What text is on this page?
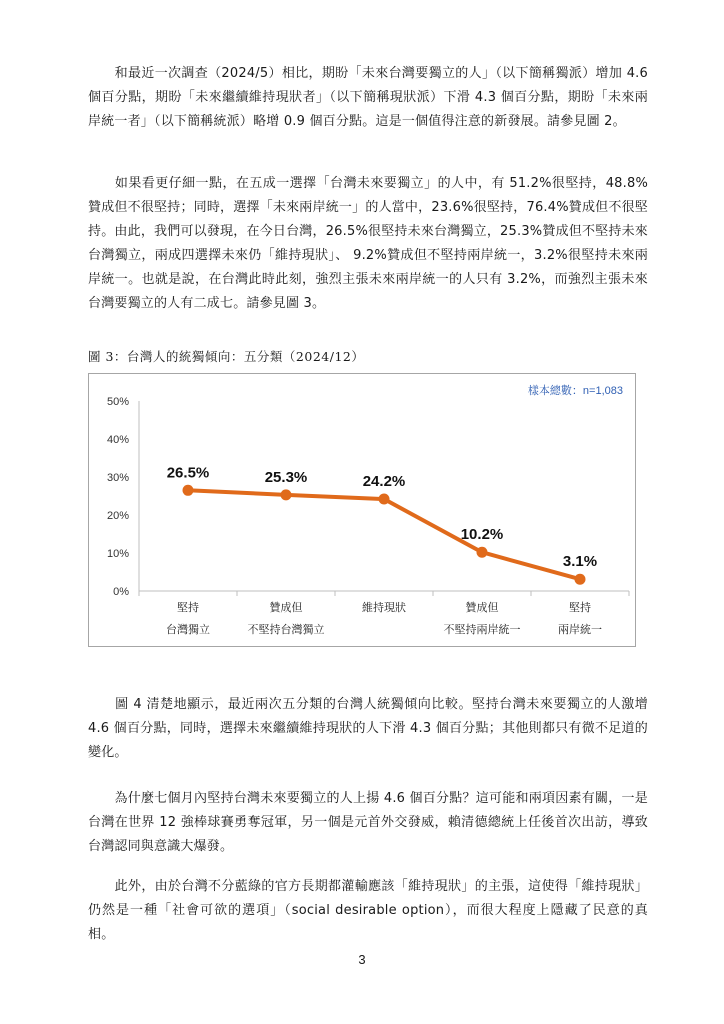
　　和最近一次調查（2024/5）相比，期盼「未來台灣要獨立的人」（以下簡稱獨派）增加 4.6 個百分點，期盼「未來繼續維持現狀者」（以下簡稱現狀派）下滑 4.3 個百分點，期盼「未來兩岸統一者」（以下簡稱統派）略增 0.9 個百分點。這是一個值得注意的新發展。請參見圖 2。

　　如果看更仔細一點，在五成一選擇「台灣未來要獨立」的人中，有 51.2%很堅持，48.8%贊成但不很堅持；同時，選擇「未來兩岸統一」的人當中，23.6%很堅持，76.4%贊成但不很堅持。由此，我們可以發現，在今日台灣，26.5%很堅持未來台灣獨立，25.3%贊成但不堅持未來台灣獨立，兩成四選擇未來仍「維持現狀」、 9.2%贊成但不堅持兩岸統一，3.2%很堅持未來兩岸統一。也就是說，在台灣此時此刻，強烈主張未來兩岸統一的人只有 3.2%，而強烈主張未來台灣要獨立的人有二成七。請參見圖 3。

圖 3：台灣人的統獨傾向：五分類（2024/12）

樣本總數：n=1,083
0%
10%
20%
30%
40%
50%
堅持
台灣獨立
贊成但
不堅持台灣獨立
維持現狀	贊成但
不堅持兩岸統一
堅持
兩岸統一
26.5%	25.3%	24.2%
10.2%
3.1%

　　圖 4 清楚地顯示，最近兩次五分類的台灣人統獨傾向比較。堅持台灣未來要獨立的人激增 4.6 個百分點，同時，選擇未來繼續維持現狀的人下滑 4.3 個百分點；其他則都只有微不足道的變化。

　　為什麼七個月內堅持台灣未來要獨立的人上揚 4.6 個百分點？這可能和兩項因素有關，一是台灣在世界 12 強棒球賽勇奪冠軍，另一個是元首外交發威，賴清德總統上任後首次出訪，導致台灣認同與意識大爆發。

　　此外，由於台灣不分藍綠的官方長期都灌輸應該「維持現狀」的主張，這使得「維持現狀」仍然是一種「社會可欲的選項」（social desirable option），而很大程度上隱藏了民意的真相。

3
